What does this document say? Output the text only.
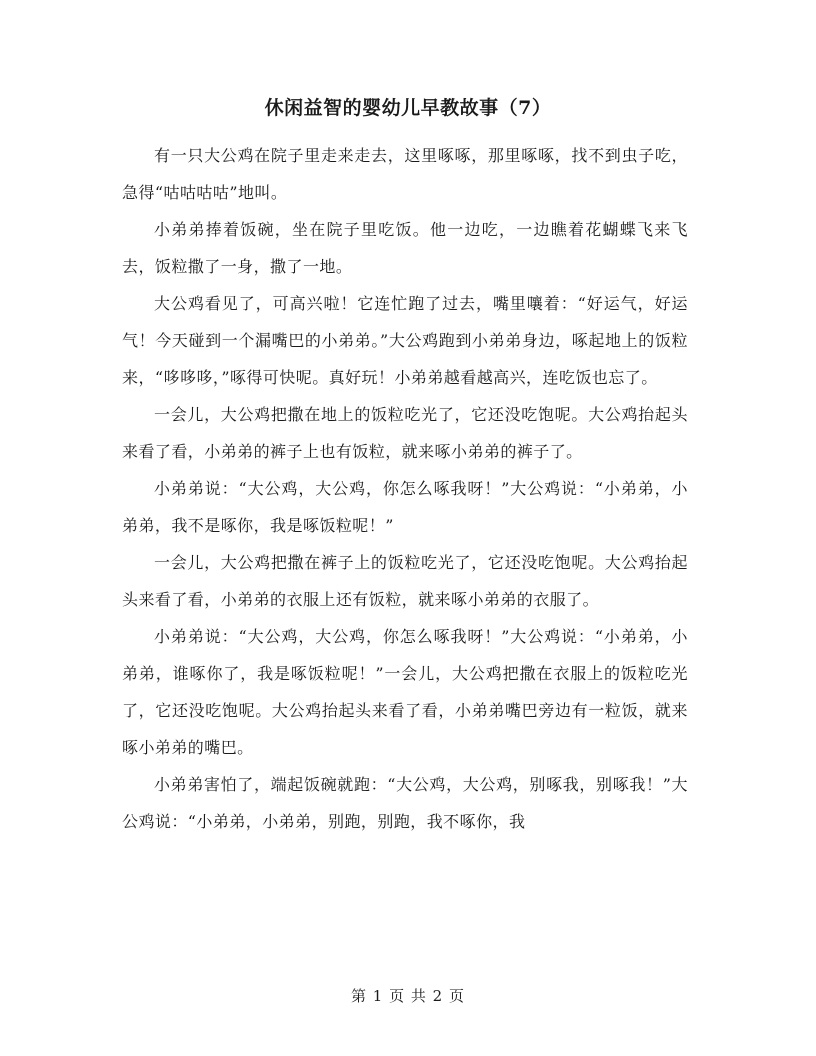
休闲益智的婴幼儿早教故事（7）

有一只大公鸡在院子里走来走去，这里啄啄，那里啄啄，找不到虫子吃，急得“咕咕咕咕”地叫。

小弟弟捧着饭碗，坐在院子里吃饭。他一边吃，一边瞧着花蝴蝶飞来飞去，饭粒撒了一身，撒了一地。

大公鸡看见了，可高兴啦！它连忙跑了过去，嘴里嚷着：“好运气，好运气！今天碰到一个漏嘴巴的小弟弟。”大公鸡跑到小弟弟身边，啄起地上的饭粒来，“哆哆哆，”啄得可快呢。真好玩！小弟弟越看越高兴，连吃饭也忘了。

一会儿，大公鸡把撒在地上的饭粒吃光了，它还没吃饱呢。大公鸡抬起头来看了看，小弟弟的裤子上也有饭粒，就来啄小弟弟的裤子了。

小弟弟说：“大公鸡，大公鸡，你怎么啄我呀！”大公鸡说：“小弟弟，小弟弟，我不是啄你，我是啄饭粒呢！”

一会儿，大公鸡把撒在裤子上的饭粒吃光了，它还没吃饱呢。大公鸡抬起头来看了看，小弟弟的衣服上还有饭粒，就来啄小弟弟的衣服了。

小弟弟说：“大公鸡，大公鸡，你怎么啄我呀！”大公鸡说：“小弟弟，小弟弟，谁啄你了，我是啄饭粒呢！”一会儿，大公鸡把撒在衣服上的饭粒吃光了，它还没吃饱呢。大公鸡抬起头来看了看，小弟弟嘴巴旁边有一粒饭，就来啄小弟弟的嘴巴。

小弟弟害怕了，端起饭碗就跑：“大公鸡，大公鸡，别啄我，别啄我！”大公鸡说：“小弟弟，小弟弟，别跑，别跑，我不啄你，我

第 1 页 共 2 页
